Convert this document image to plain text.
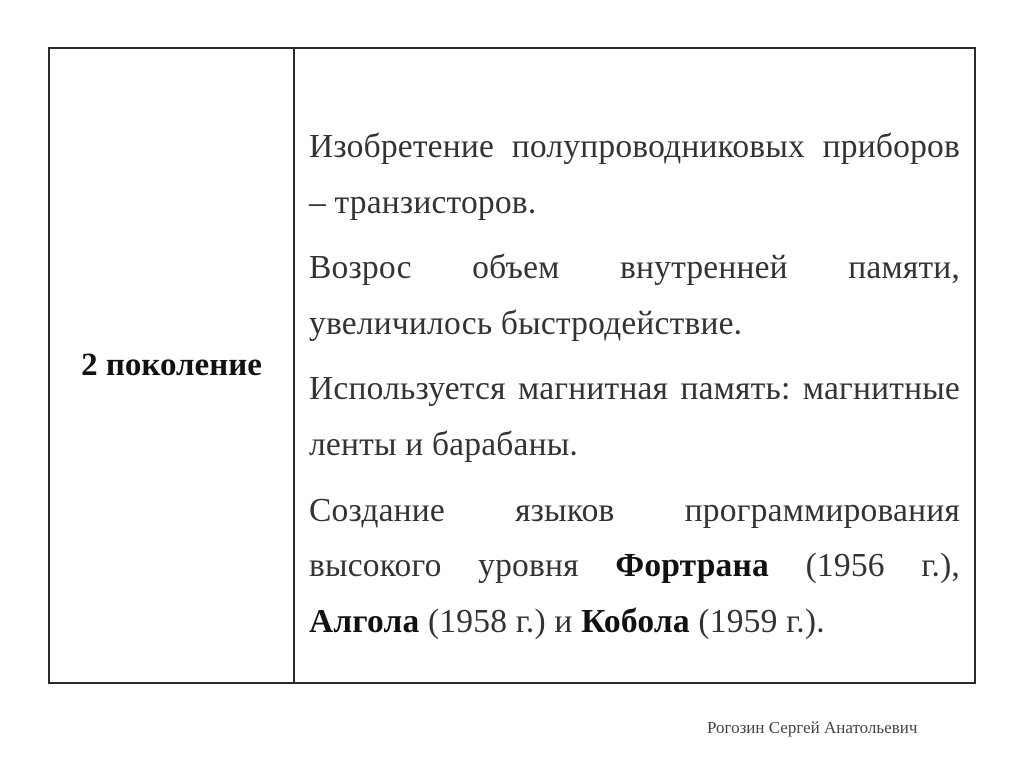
2 поколение

Изобретение полупроводниковых приборов – транзисторов.

Возрос объем внутренней памяти, увеличилось быстродействие.

Используется магнитная память: магнитные ленты и барабаны.

Создание языков программирования высокого уровня Фортрана (1956 г.), Алгола (1958 г.) и Кобола (1959 г.).

Рогозин Сергей Анатольевич
